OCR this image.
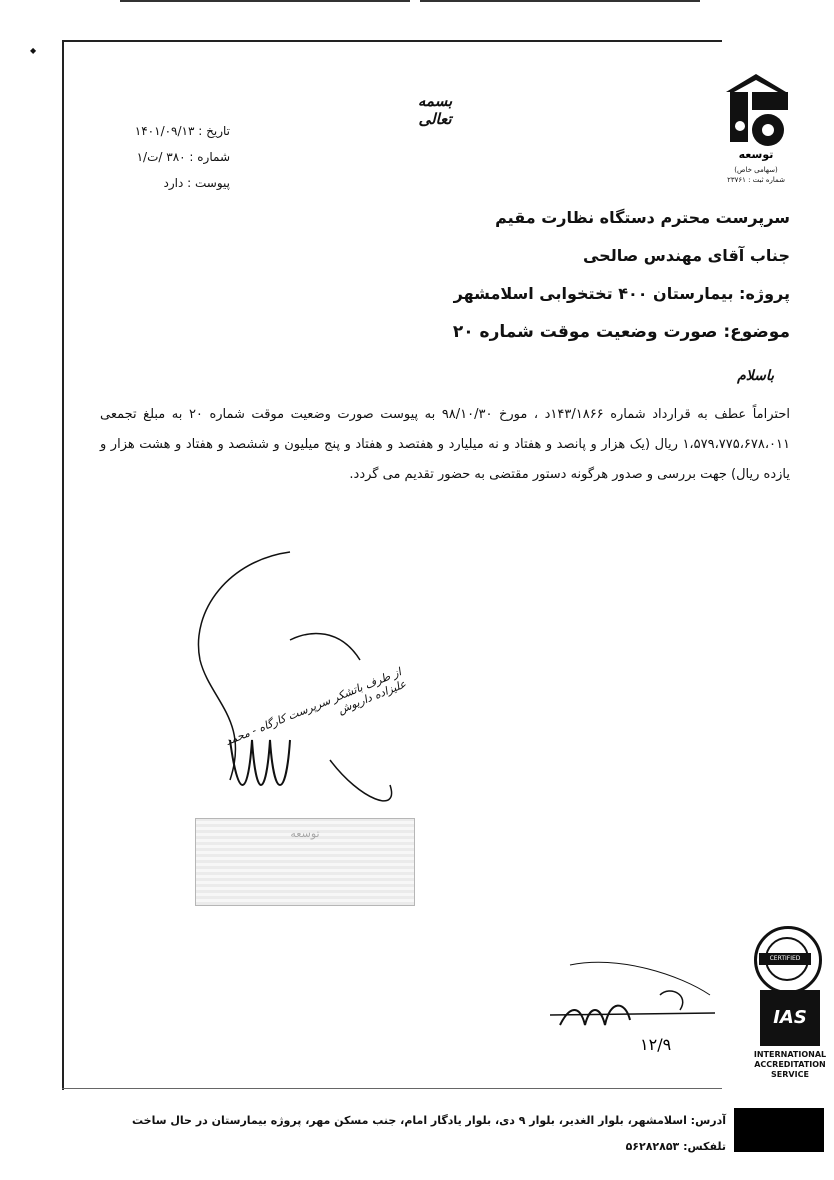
◆
بسمه تعالی
تاریخ : ۱۴۰۱/۰۹/۱۳
شماره : ۳۸۰ /ت/۱
پیوست : دارد
توسعه
(سهامی خاص)
شماره ثبت : ۲۳۷۶۱
سرپرست محترم دستگاه نظارت مقیم
جناب آقای مهندس صالحی
پروژه: بیمارستان ۴۰۰ تختخوابی اسلامشهر
موضوع: صورت وضعیت موقت شماره ۲۰
باسلام
احتراماً عطف به قرارداد شماره ۱۴۳/۱۸۶۶د ، مورخ ۹۸/۱۰/۳۰ به پیوست صورت وضعیت موقت شماره ۲۰ به مبلغ تجمعی ۱،۵۷۹،۷۷۵،۶۷۸،۰۱۱ ریال (یک هزار و پانصد و هفتاد و نه میلیارد و هفتصد و هفتاد و پنج میلیون و ششصد و هفتاد و هشت هزار و یازده ریال) جهت بررسی و صدور هرگونه دستور مقتضی به حضور تقدیم می گردد.
از طرف باتشکر سرپرست کارگاه - محمد علیزاده داریوش
توسعه
۱۲/۹
CERTIFIED
IAS
INTERNATIONAL
ACCREDITATION
SERVICE
آدرس: اسلامشهر، بلوار الغدیر، بلوار ۹ دی، بلوار یادگار امام، جنب مسکن مهر، پروژه بیمارستان در حال ساخت
تلفکس: ۵۶۲۸۲۸۵۳
